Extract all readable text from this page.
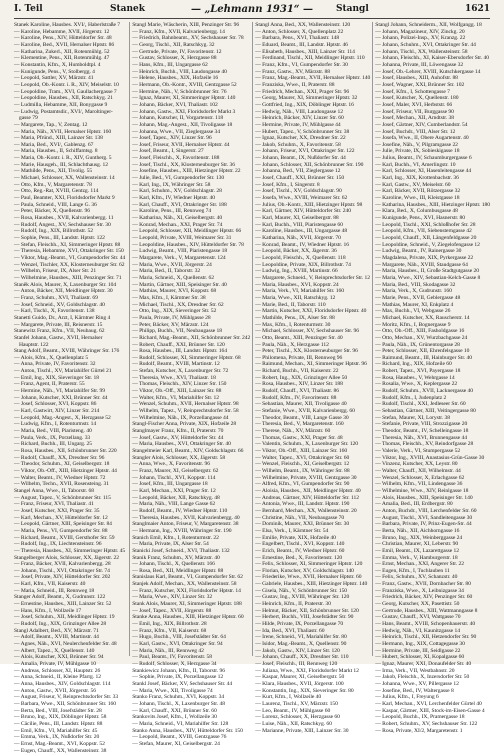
I. Teil	Stanek	— „Lehmann 1931“ —	Stangl	1621
Stanek Karoline, Hausbes. XVI/₁ Haberlstraße 7
— Karoline, Hebamme, XVII, Jörgerstr. 12
— Karoline, Pens., XIV, Hütteldorfer Str. 48
— Karoline, Bed., XVII, Hernalser Hptstr. 86
— Katharina, Zukerl., XII, Rotenmühlg. 52
— Klementine, Pens., XII, Rotenmühlg. 47
— Konstantin, Kfm., X, Humboldtpl. 4
— Kunigunde, Pens., V, Stolbergg. 4
— Leopold, Sattler, XV, Märzstr. 41
— Leopold, Ob.-Kontr. i. R., XIV, Meiselstr. 10
— Leopoldine, Tram., XVI, Gaullachergasse 7
— Leopoldine, Hausbes., XII, Ratschkyg. 21
— Ludmilla, Hebamme, XII, Bonygasse 9
— Ludwig, Postamtsdir., XVI/₁ Maroltinger-
gasse 79
— Margarete, Tap., V, Zentag. 12
— Maria, Näh., XVII, Hernalser Hptstr. 160
— Maria, Pfründ., XIII, Lainzer Str. 138
— Maria, Bed., XVI/₁ Gablenzg. 67
— Maria, Hausbes., II, Schiffamtsg. 8
— Maria, Ob.-Kontr. i. R., XIV, Guntherg. 5
— Marie, Hausgeh., III, Schlachthausg. 12
— Mathilde, Pens., XII, Tivolig. 55
— Michael, Schlosser, XX, Wallensteinstr. 14
— Otto, Kfm., V, Margaretenstr. 78
— Otto, Reg.-Rat, XVIII, Gentzg. 114
— Paul, Beamter, XXI, Floridsdorfer Markt 9
— Paula, Schneid., VIII, Lange G. 36
— Peter, Bäcker, X, Quellenstr. 96
— Rosa, Hausbes., XVII, Kalvarienbergg. 11
— Rudolf, Angest., XV, Sechshauser Str. 30
— Rudolf, Ing., XIX, Billrothstr. 52
— Sophie, Pens., III, Landstr. Hptstr. 122
— Stefan, Fleischh., XI, Simmeringer Hptstr. 88
— Theresia, Hebamme, XVI, Ottakringer Str. 150
— Viktor, Mag.-Beamt., VI, Gumpendorfer Str. 44
— Wenzel, Tischler, XX, Klosterneuburger Str. 62
— Wilhelm, Friseur, IX, Alser Str. 21
— Wilhelmine, Hausbes., XIII, Penzinger Str. 71
Staněk Alois, Maurer, X, Laxenburger Str. 104
— Anton, Bäcker, XII, Meidlinger Hptstr. 30
— Franz, Schuhm., XVI, Thaliastr. 69
— Josef, Schneid., XV, Goldschlagstr. 40
— Karl, Tischl., X, Favoritenstr. 138
Stanetti Guido, Dr., Arzt, I, Kärntner Ring 4
— Margarete, Private, III, Reisnerstr. 15
Stanewitz Franz, Kfm., VII, Neubaug. 62
Stanfel Johann, Gastw., XVII, Hernalser
Hauptstr. 122
Stang Adolf, Beamt., XVIII, Währinger Str. 176
— Alois, Kfm., X, Quellenplatz 5
— Anna, Private, IV, Favoritenstr. 32
— Anton, Tischl., XV, Mariahilfer Gürtel 21
— Emil, Ing., XIX, Sieveringer Str. 18
— Franz, Agent, II, Praterstr. 55
— Hermine, Näh., VI, Mariahilfer Str. 99
— Johann, Kutscher, XXI, Brünner Str. 44
— Josef, Schlosser, XVI, Koppstr. 86
— Karl, Gastwirt, XIV, Linzer Str. 214
— Leopold, Mag.-Angest., X, Herzgasse 52
— Ludwig, Kfm., I, Rotenturmstr. 14
— Maria, Bed., VIII, Piaristeng. 40
— Paula, Verk., IX, Porzellang. 33
— Richard, Buchh., III, Ungarg. 25
— Rosa, Hausbes., XII, Schönbrunner Str. 220
— Rudolf, Chauff., XX, Dresdner Str. 96
— Theodor, Schuhm., XI, Geiselbergstr. 18
— Viktor, Ob.-Off., XIII, Hietzinger Hptstr. 44
— Walter, Beamt., IV, Wiedner Hptstr. 72
— Wilhelm, Techn., XVII, Rosensteing. 31
Stangel Anna, Wwe., II, Taborstr. 68
— August, Tapez., V, Schönbrunner Str. 115
— Franz, Friseur, XVI, Thaliastr. 41
— Josef, Kutscher, XXI, Prager Str. 35
— Karl, Mechan., XV, Hütteldorfer Str. 12
— Leopold, Gärtner, XIII, Speisinger Str. 84
— Maria, Pens., VI, Gumpendorfer Str. 88
— Richard, Beamt., XVIII, Gersthofer Str. 59
— Rudolf, Ing., IX, Liechtensteinstr. 96
— Theresia, Hausbes., XI, Simmeringer Hptstr. 45
Stangelberger Alois, Schlosser, XX, Jägerstr. 22
— Franz, Bäcker, XVII, Kalvarienbergg. 28
— Johann, Tischl., XVI, Ottakringer Str. 74
— Josef, Private, XIV, Hütteldorfer Str. 202
— Karl, Kfm., VII, Kaiserstr. 40
— Maria, Schneid., III, Rennweg 18
Stanger Adolf, Beamt., X, Gudrunstr. 122
— Ernestine, Hausbes., XIII, Lainzer Str. 52
— Hans, Kfm., I, Wollzeile 17
— Josef, Schuhm., XII, Meidlinger Hptstr. 19
— Rudolf, Ing., XIX, Grinzinger Allee 28
Stangl Adalbert, Bed., XV, Märzstr. 71
— Adolf, Beamt., XVIII, Martinstr. 44
— Agnes, Näh., XVI, Neulerchenfelder Str. 48
— Albert, Tapez., X, Quellenstr. 140
— Alois, Kutscher, XXI, Brünner Str. 94
— Amalia, Private, IV, Mühlgasse 10
— Andreas, Schlosser, XI, Hauptstr. 26
— Anna, Schneid., II, Kleine Pfarrg. 12
— Anna, Hausbes., XIV, Goldschlagstr. 114
— Anton, Gastw., XVII, Jörgerstr. 56
— August, Friseur, V, Reinprechtsdorfer Str. 33
— Barbara, Wwe., XII, Schönbrunner Str. 160
— Berta, Bed., VIII, Josefstädter Str. 28
— Bruno, Ing., XIX, Döblinger Hptstr. 58
— Cäcilie, Pens., III, Landstr. Hptstr. 88
— Emil, Kfm., VI, Mariahilfer Str. 45
— Emma, Verk., IX, Nußdorfer Str. 20
— Ernst, Mag.-Beamt., XVI, Koppstr. 52
— Eugen, Chauff., XX, Wallensteinstr. 38
Stangl Marie, Wäscherin, XIII, Penzinger Str. 96
— Franz, Kfm., XVII, Kalvarienbergg. 14
— Friedrich, Bahnbeamt., XV, Sechshauser Str. 78
— Georg, Tischl., XII, Ratschkyg. 32
— Gertrude, Private, IV, Favoritenstr. 12
— Gustav, Schlosser, X, Herzgasse 88
— Hans, Kfm., III, Ungargasse 62
— Heinrich, Buchh., VIII, Laudongasse 40
— Helene, Hausbes., XIX, Hofzeile 16
— Hermann, Ob.-Kontr., XVIII, Gentzgasse 52
— Hermine, Näh., V, Schönbrunner Str. 76
— Ignaz, Maurer, XI, Simmeringer Hptstr. 140
— Johann, Bäcker, XVI, Thaliastr. 102
— Johann, Gastw., XXI, Floridsdorfer Markt 3
— Johann, Kutscher, II, Vorgartenstr. 118
— Johann, Mag.-Angest., XII, Tivoligasse 18
— Johanna, Wwe., VII, Zieglergasse 34
— Josef, Tapez., XIV, Linzer Str. 96
— Josef, Friseur, XVII, Hernalser Hptstr. 44
— Josef, Beamt., I, Singerstr. 27
— Josef, Fleischh., X, Favoritenstr. 188
— Josef, Tischl., XX, Klosterneuburger Str. 36
— Josefine, Hausbes., XIII, Hietzinger Hptstr. 22
— Julie, Bed., VI, Gumpendorfer Str. 130
— Karl, Ing., IX, Währinger Str. 58
— Karl, Schuhm., XV, Goldschlagstr. 28
— Karl, Kfm., IV, Wiedner Hptstr. 40
— Karl, Chauff., XVI, Ottakringer Str. 188
— Karoline, Pens., III, Rennweg 74
— Katharina, Näh., XI, Geiselbergstr. 40
— Konrad, Mechan., XXI, Prager Str. 74
— Leopold, Schlosser, XII, Meidlinger Hptstr. 66
— Leopold, Private, XVIII, Weimarer Str. 31
— Leopoldine, Hausbes., XIV, Hütteldorfer Str. 78
— Ludwig, Beamt., VIII, Piaristengasse 18
— Margarete, Verk., V, Margaretenstr. 124
— Maria, Wwe., XVII, Jörgerstr. 24
— Maria, Bed., II, Taborstr. 32
— Maria, Schneid., X, Quellenstr. 62
— Martin, Gärtner, XIII, Speisinger Str. 40
— Mathias, Maurer, XVI, Koppstr. 68
— Max, Kfm., I, Kärntner Str. 38
— Michael, Tischl., XX, Dresdner Str. 62
— Otto, Ing., XIX, Sieveringer Str. 52
— Paula, Private, IV, Mühlgasse 28
— Peter, Bäcker, XV, Märzstr. 124
— Philipp, Buchh., VII, Neubaugasse 18
— Richard, Mag.-Beamt., XII, Schönbrunner Str. 242
— Robert, Chauff., XXI, Brünner Str. 120
— Rosa, Hausbes., III, Landstr. Hptstr. 164
— Rudolf, Schlosser, XI, Simmeringer Hptstr. 68
— Rudolf, Beamt., XVIII, Martinstr. 12
— Stefan, Kutscher, X, Laxenburger Str. 72
— Theresia, Wwe., XVI, Thaliastr. 18
— Thomas, Fleischh., XIV, Linzer Str. 150
— Viktor, Ob.-Off., XIII, Lainzer Str. 88
— Walter, Kfm., VI, Mariahilfer Str. 12
— Wenzel, Schuhm., XVII, Hernalser Hptstr. 98
— Wilhelm, Tapez., V, Reinprechtsdorfer Str. 58
— Wilhelmine, Näh., IX, Porzellangasse 44
Stangl-Fischer Anna, Private, XIX, Hofzeile 28
Stanglmayer Franz, Kfm., II, Praterstr. 70
— Josef, Gastw., XV, Hütteldorfer Str. 44
— Maria, Hausbes., XVI, Ottakringer Str. 40
Stangelmeier Karl, Beamt., XIV, Goldschlagstr. 66
Stangler Alois, Schlosser, XX, Jägerstr. 58
— Anna, Wwe., X, Favoritenstr. 96
— Franz, Maurer, XI, Geiselbergstr. 62
— Johann, Tischl., XVI, Koppstr. 114
— Josef, Kfm., III, Ungargasse 18
— Karl, Mechan., XXI, Prager Str. 12
— Leopold, Bäcker, XII, Ratschkyg. 48
— Maria, Näh., VIII, Lange Gasse 62
— Rudolf, Beamt., IV, Wiedner Hptstr. 110
— Theresia, Hausbes., XVII, Kalvarienbergg. 40
Stanglmaier Anton, Friseur, V, Margaretenstr. 38
— Hermann, Ing., XVIII, Währinger Str. 190
Stanich Emil, Kfm., I, Rotenturmstr. 22
— Maria, Private, IX, Alser Str. 54
Stanicki Josef, Schneid., XVI, Thaliastr. 132
Stanik Franz, Schuhm., XV, Märzstr. 40
— Johann, Tischl., X, Quellenstr. 166
— Rosa, Bed., XII, Meidlinger Hptstr. 88
Stanislaus Karl, Beamt., VI, Gumpendorfer Str. 62
Stanjek Adolf, Mechan., XX, Wallensteinstr. 58
— Franz, Kutscher, XXI, Floridsdorfer Hptstr. 14
— Maria, Wwe., XIV, Linzer Str. 32
Stank Alois, Maurer, XI, Simmeringer Hptstr. 188
— Josef, Tapez., XVII, Jörgerstr. 88
Stanke Anna, Hausbes., XIII, Hietzinger Hptstr. 60
— Emil, Ing., XIX, Billrothstr. 28
— Franz, Kfm., VII, Kaiserstr. 68
— Hugo, Buchh., VIII, Josefstädter Str. 64
— Karl, Gastw., XVI, Ottakringer Str. 94
— Maria, Näh., III, Rennweg 42
— Paul, Beamt., IV, Favoritenstr. 58
— Rudolf, Schlosser, X, Herzgasse 34
Stankiewicz Johann, Kfm., II, Taborstr. 96
— Sophie, Private, IX, Porzellangasse 12
Stankl Josef, Bäcker, XV, Sechshauser Str. 44
— Maria, Wwe., XII, Tivoligasse 74
Stanko Franz, Schuhm., XVI, Koppstr. 34
— Johann, Tischl., X, Laxenburger Str. 48
— Karl, Chauff., XXI, Brünner Str. 60
Stankovits Josef, Kfm., I, Wollzeile 30
— Maria, Schneid., VI, Mariahilfer Str. 128
Stanko Anna, Hausbes., XIV, Hütteldorfer Str. 150
— Leopold, Beamt., XVIII, Gentzgasse 76
— Stefan, Maurer, XI, Geiselbergstr. 24
Stangl Anna, Bed., XX, Wallensteinstr. 120
— Anton, Schlosser, X, Quellenplatz 22
— Barbara, Pens., XVI, Thaliastr. 148
— Eduard, Beamt., III, Landstr. Hptstr. 46
— Elisabeth, Hausbes., XIII, Lainzer Str. 114
— Ferdinand, Tischl., XII, Meidlinger Hptstr. 110
— Franz, Kfm., VI, Gumpendorfer Str. 30
— Franz, Gastw., XV, Märzstr. 88
— Franz, Mag.-Beamt., XVII, Hernalser Hptstr. 140
— Franziska, Wwe., II, Praterstr. 88
— Friedrich, Mechan., XXI, Prager Str. 96
— Georg, Maurer, XI, Simmeringer Hptstr. 32
— Gottfried, Ing., XIX, Döblinger Hptstr. 16
— Hedwig, Näh., VIII, Laudongasse 12
— Heinrich, Bäcker, XIV, Linzer Str. 60
— Hermine, Private, IV, Mühlgasse 44
— Hubert, Tapez., V, Schönbrunner Str. 38
— Ignaz, Kutscher, XX, Dresdner Str. 22
— Jakob, Schuhm., X, Favoritenstr. 58
— Johann, Friseur, XVI, Ottakringer Str. 122
— Johann, Beamt., IX, Nußdorfer Str. 44
— Johann, Schlosser, XII, Schönbrunner Str. 190
— Johanna, Bed., VII, Zieglergasse 12
— Josef, Chauff., XXI, Brünner Str. 150
— Josef, Kfm., I, Singerstr. 8
— Josef, Tischl., XV, Goldschlagstr. 90
— Josefa, Wwe., XVIII, Weimarer Str. 62
— Julius, Ob.-Kontr., XIII, Hietzinger Hptstr. 98
— Karl, Gärtner, XIV, Hütteldorfer Str. 240
— Karl, Maurer, XI, Geiselbergstr. 88
— Karl, Buchh., VIII, Piaristengasse 60
— Karoline, Hausbes., III, Ungargasse 48
— Katharina, Näh., XVII, Jörgerstr. 70
— Konrad, Beamt., IV, Wiedner Hptstr. 16
— Leopold, Bäcker, XX, Jägerstr. 36
— Leopold, Fleischh., X, Quellenstr. 118
— Leopoldine, Private, XIX, Billrothstr. 74
— Ludwig, Ing., XVIII, Martinstr. 66
— Margarete, Schneid., V, Reinprechtsdorfer Str. 12
— Maria, Hausbes., XVI, Koppstr. 24
— Maria, Verk., VI, Mariahilfer Str. 160
— Maria, Wwe., XII, Ratschkyg. 12
— Marie, Bed., II, Taborstr. 110
— Martin, Kutscher, XXI, Floridsdorfer Hptstr. 40
— Mathilde, Pens., IX, Alser Str. 88
— Max, Kfm., I, Rotenturmstr. 30
— Michael, Schlosser, XV, Sechshauser Str. 96
— Otto, Beamt., XIII, Penzinger Str. 40
— Paula, Näh., X, Herzgasse 112
— Peter, Tischl., XX, Klosterneuburger Str. 96
— Philomena, Private, III, Rennweg 96
— Raimund, Mechan., XI, Simmeringer Hptstr. 96
— Richard, Buchh., VII, Kaiserstr. 22
— Robert, Ing., XIX, Grinzinger Allee 50
— Rosa, Hausbes., XIV, Linzer Str. 188
— Rudolf, Chauff., XVI, Thaliastr. 86
— Rudolf, Kfm., IV, Favoritenstr. 88
— Sebastian, Maurer, XII, Tivoligasse 40
— Stefanie, Wwe., XVII, Kalvarienbergg. 60
— Theodor, Beamt., VIII, Lange Gasse 30
— Theresia, Bed., V, Margaretenstr. 160
— Therese, Näh., XV, Märzstr. 60
— Thomas, Gastw., XXI, Prager Str. 48
— Valentin, Schuhm., X, Laxenburger Str. 120
— Viktor, Ob.-Off., XIII, Lainzer Str. 160
— Walter, Tapez., XVI, Ottakringer Str. 60
— Wenzel, Fleischh., XI, Geiselbergstr. 12
— Wilhelm, Beamt., IX, Währinger Str. 88
— Wilhelmine, Private, XVIII, Gentzgasse 30
— Alfred, Kfm., VI, Gumpendorfer Str. 90
— Aloisia, Hausbes., XII, Meidlinger Hptstr. 40
— Andreas, Gärtner, XIV, Hütteldorfer Str. 112
— Antonia, Wwe., III, Landstr. Hptstr. 190
— Bernhard, Mechan., XX, Wallensteinstr. 20
— Christine, Näh., VII, Neubaugasse 70
— Dominik, Maurer, XXI, Brünner Str. 30
— Elsa, Verk., I, Kärntner Str. 54
— Emilie, Private, XIX, Hofzeile 40
— Engelbert, Tischl., XVI, Koppstr. 140
— Erich, Beamt., IV, Wiedner Hptstr. 60
— Ernestine, Bed., X, Favoritenstr. 120
— Felix, Schlosser, XI, Simmeringer Hptstr. 120
— Florian, Kutscher, XV, Goldschlagstr. 140
— Friederike, Wwe., XVII, Hernalser Hptstr. 60
— Gabriele, Hausbes., XIII, Hietzinger Hptstr. 140
— Gisela, Näh., V, Schönbrunner Str. 150
— Gustav, Ing., XVIII, Währinger Str. 120
— Heinrich, Kfm., II, Praterstr. 30
— Helmut, Bäcker, XII, Schönbrunner Str. 120
— Herbert, Buchh., VIII, Josefstädter Str. 90
— Hilde, Private, IX, Porzellangasse 70
— Ida, Bed., XVI, Thaliastr. 60
— Irene, Schneid., VI, Mariahilfer Str. 80
— Isidor, Mag.-Beamt., X, Quellenstr. 90
— Jakob, Gastw., XIV, Linzer Str. 120
— Johann, Chauff., XX, Dresdner Str. 110
— Josef, Fleischh., III, Rennweg 120
— Juliana, Wwe., XXI, Floridsdorfer Markt 12
— Kaspar, Maurer, XI, Geiselbergstr. 50
— Klara, Hausbes., XVII, Jörgerstr. 100
— Konstantin, Ing., XIX, Sieveringer Str. 80
— Kurt, Kfm., I, Wollzeile 40
— Laurenz, Tischl., XV, Märzstr. 150
— Leo, Beamt., IV, Mühlgasse 60
— Lorenz, Schlosser, X, Herzgasse 60
— Luise, Näh., XII, Ratschkyg. 60
— Marianne, Private, XIII, Lainzer Str. 30
Stangl Johann, Schneiderm., XII, Wolfgangg. 18
— Johann, Magazineur, XIV, Zinckg. 20
— Johann, Polizei-Insp., XV, Kranzg. 22
— Johann, Schuhm., XVI, Ottakringer Str. 44
— Johann, Tischl., XX, Wallensteinstr. 58
— Johann, Fleischh., XI, Kaiser-Ebersdorfer Str. 40
— Johanna, Private, III, Löwengasse 32
— Josef, Ob.-Lehrer, XVIII, Kutschkergasse 14
— Josef, Hausbes., XIII, Auhofstr. 88
— Josef, Wagner, XXI, Brünner Str. 102
— Josef, Kfm., I, Schottengasse 7
— Josef, Kutscher, X, Quellenstr. 180
— Josef, Maler, XVI, Herbststr. 66
— Josef, Friseur, VII, Burggasse 90
— Josef, Mechan., XII, Arndtstr. 38
— Josef, Gärtner, XIV, Cumberlandstr. 54
— Josef, Buchdr., VIII, Alser Str. 12
— Josefa, Wwe., II, Obere Augartenstr. 40
— Josefine, Näh., V, Pilgramgasse 22
— Julie, Private, IX, Sobieskigasse 18
— Julius, Beamt., IV, Schaumburgergasse 6
— Karl, Buchh., VI, Amerlingstr. 10
— Karl, Schlosser, XI, Hasenleitengasse 44
— Karl, Ing., XIX, Krottenbachstr. 36
— Karl, Gastw., XV, Meiselstr. 60
— Karl, Bäcker, XVII, Rötzergasse 32
— Karoline, Wwe., III, Kleistgasse 18
— Katharina, Hausbes., XIII, Hietzinger Hptstr. 180
— Klara, Bed., X, Columbusgasse 48
— Kunigunde, Pens., XVI, Hasnerstr. 80
— Leopold, Tischl., XXI, Schloßhofer Str. 28
— Leopold, Kfm., VII, Siebensterngasse 42
— Leopold, Chauff., XII, Längenfeldgasse 20
— Leopoldine, Schneid., V, Ziegelofengasse 12
— Ludwig, Beamt., IV, Rainergasse 30
— Magdalena, Private, XIX, Pyrkergasse 22
— Margarete, Näh., XVIII, Staudgasse 64
— Maria, Hausbes., II, Große Stadtgutgasse 20
— Maria, Wwe., XIV, Sebastian-Kelch-Gasse 8
— Maria, Bed., VIII, Skodagasse 32
— Maria, Verk., X, Gudrunstr. 160
— Marie, Pens., XVII, Geblergasse 48
— Mathias, Maurer, XI, Enkplatz 4
— Max, Buchh., VI, Webgasse 26
— Michael, Kutscher, XX, Rauscherstr. 14
— Moritz, Kfm., I, Bognergasse 9
— Otto, Ob.-Off., XIII, Fasholdgasse 16
— Otto, Mechan., XV, Wurzbachgasse 24
— Paula, Näh., IX, Grünentorgasse 28
— Peter, Schlosser, XII, Ehrenfelsgasse 10
— Raimund, Beamt., III, Hainburger Str. 40
— Richard, Ing., XIX, Hofzeile 60
— Robert, Tapez., XVI, Payergasse 18
— Rosa, Hausbes., V, Wehrgasse 14
— Rosalia, Wwe., X, Keplergasse 22
— Rudolf, Schuhm., XVII, Lacknergasse 40
— Rudolf, Kfm., I, Judenplatz 2
— Rudolf, Tischl., XXI, Jedleseer Str. 60
— Sebastian, Gärtner, XIII, Veitingergasse 80
— Stefan, Maurer, XI, Lorystr. 38
— Stefanie, Private, VIII, Strozzigasse 20
— Theodor, Beamt., IV, Schelleingasse 18
— Theresia, Näh., XVI, Brunnengasse 44
— Thomas, Fleischh., XV, Reindorfgasse 28
— Valerie, Verk., VI, Stumpergasse 52
— Viktor, Ing., XVIII, Anastasius-Grün-Gasse 30
— Vinzenz, Kutscher, XX, Leystr. 80
— Walter, Chauff., XII, Wilhelmstr. 44
— Wenzel, Schlosser, X, Erlachgasse 62
— Wilhelm, Kfm., VII, Lindengasse 36
— Wilhelmine, Wwe., XIV, Reinlgasse 18
— Alois, Hausbes., XIII, Speisinger Str. 140
— Amalia, Bed., III, Erdbergstr. 80
— Anton, Buchdr., VIII, Lerchenfelder Str. 60
— August, Tischl., XVI, Sandleitengasse 30
— Barbara, Private, IV, Prinz-Eugen-Str. 44
— Berta, Näh., XII, Aichhorngasse 16
— Bruno, Ing., XIX, Weinberggasse 24
— Christian, Maurer, XI, Leberstr. 90
— Emil, Beamt., IX, Lazarettgasse 12
— Emma, Verk., V, Hamburgerstr. 18
— Ernst, Mechan., XXI, Angerer Str. 22
— Eugen, Kfm., I, Tuchlauben 11
— Felix, Schuhm., XV, Schanzstr. 40
— Franz, Gastw., XVII, Dornbacher Str. 80
— Franziska, Wwe., X, Leibnizgasse 34
— Friedrich, Bäcker, XIV, Penzinger Str. 60
— Georg, Kutscher, XX, Pasettistr. 50
— Gertrude, Hausbes., XIII, Wattmanngasse 8
— Gustav, Chauff., XVI, Wattgasse 70
— Hans, Beamt., XVIII, Schopenhauerstr. 40
— Hedwig, Näh., VI, Kaunitzgasse 14
— Heinrich, Tischl., XII, Hetzendorfer Str. 90
— Hermann, Ing., XIX, Cottagegasse 30
— Hermine, Private, III, Seidlgasse 22
— Hubert, Schlosser, XI, Kopalgasse 60
— Ignaz, Maurer, XXI, Donaufelder Str. 40
— Irma, Verk., VII, Westbahnstr. 20
— Jakob, Fleischh., X, Inzersdorfer Str. 50
— Johanna, Wwe., XV, Pillergasse 12
— Josefine, Bed., IV, Waltergasse 8
— Julius, Kfm., I, Freyung 6
— Karl, Mechan., XVI, Lerchenfelder Gürtel 40
— Kaspar, Gärtner, XIII, Stock-im-Eisen-Gasse 4
— Leopold, Buchh., IX, Pramergasse 18
— Robert, Schuhm., XV, Sechshauser Str. 122
— Rosa, Private, XI/2, Margaretenstr. 1
